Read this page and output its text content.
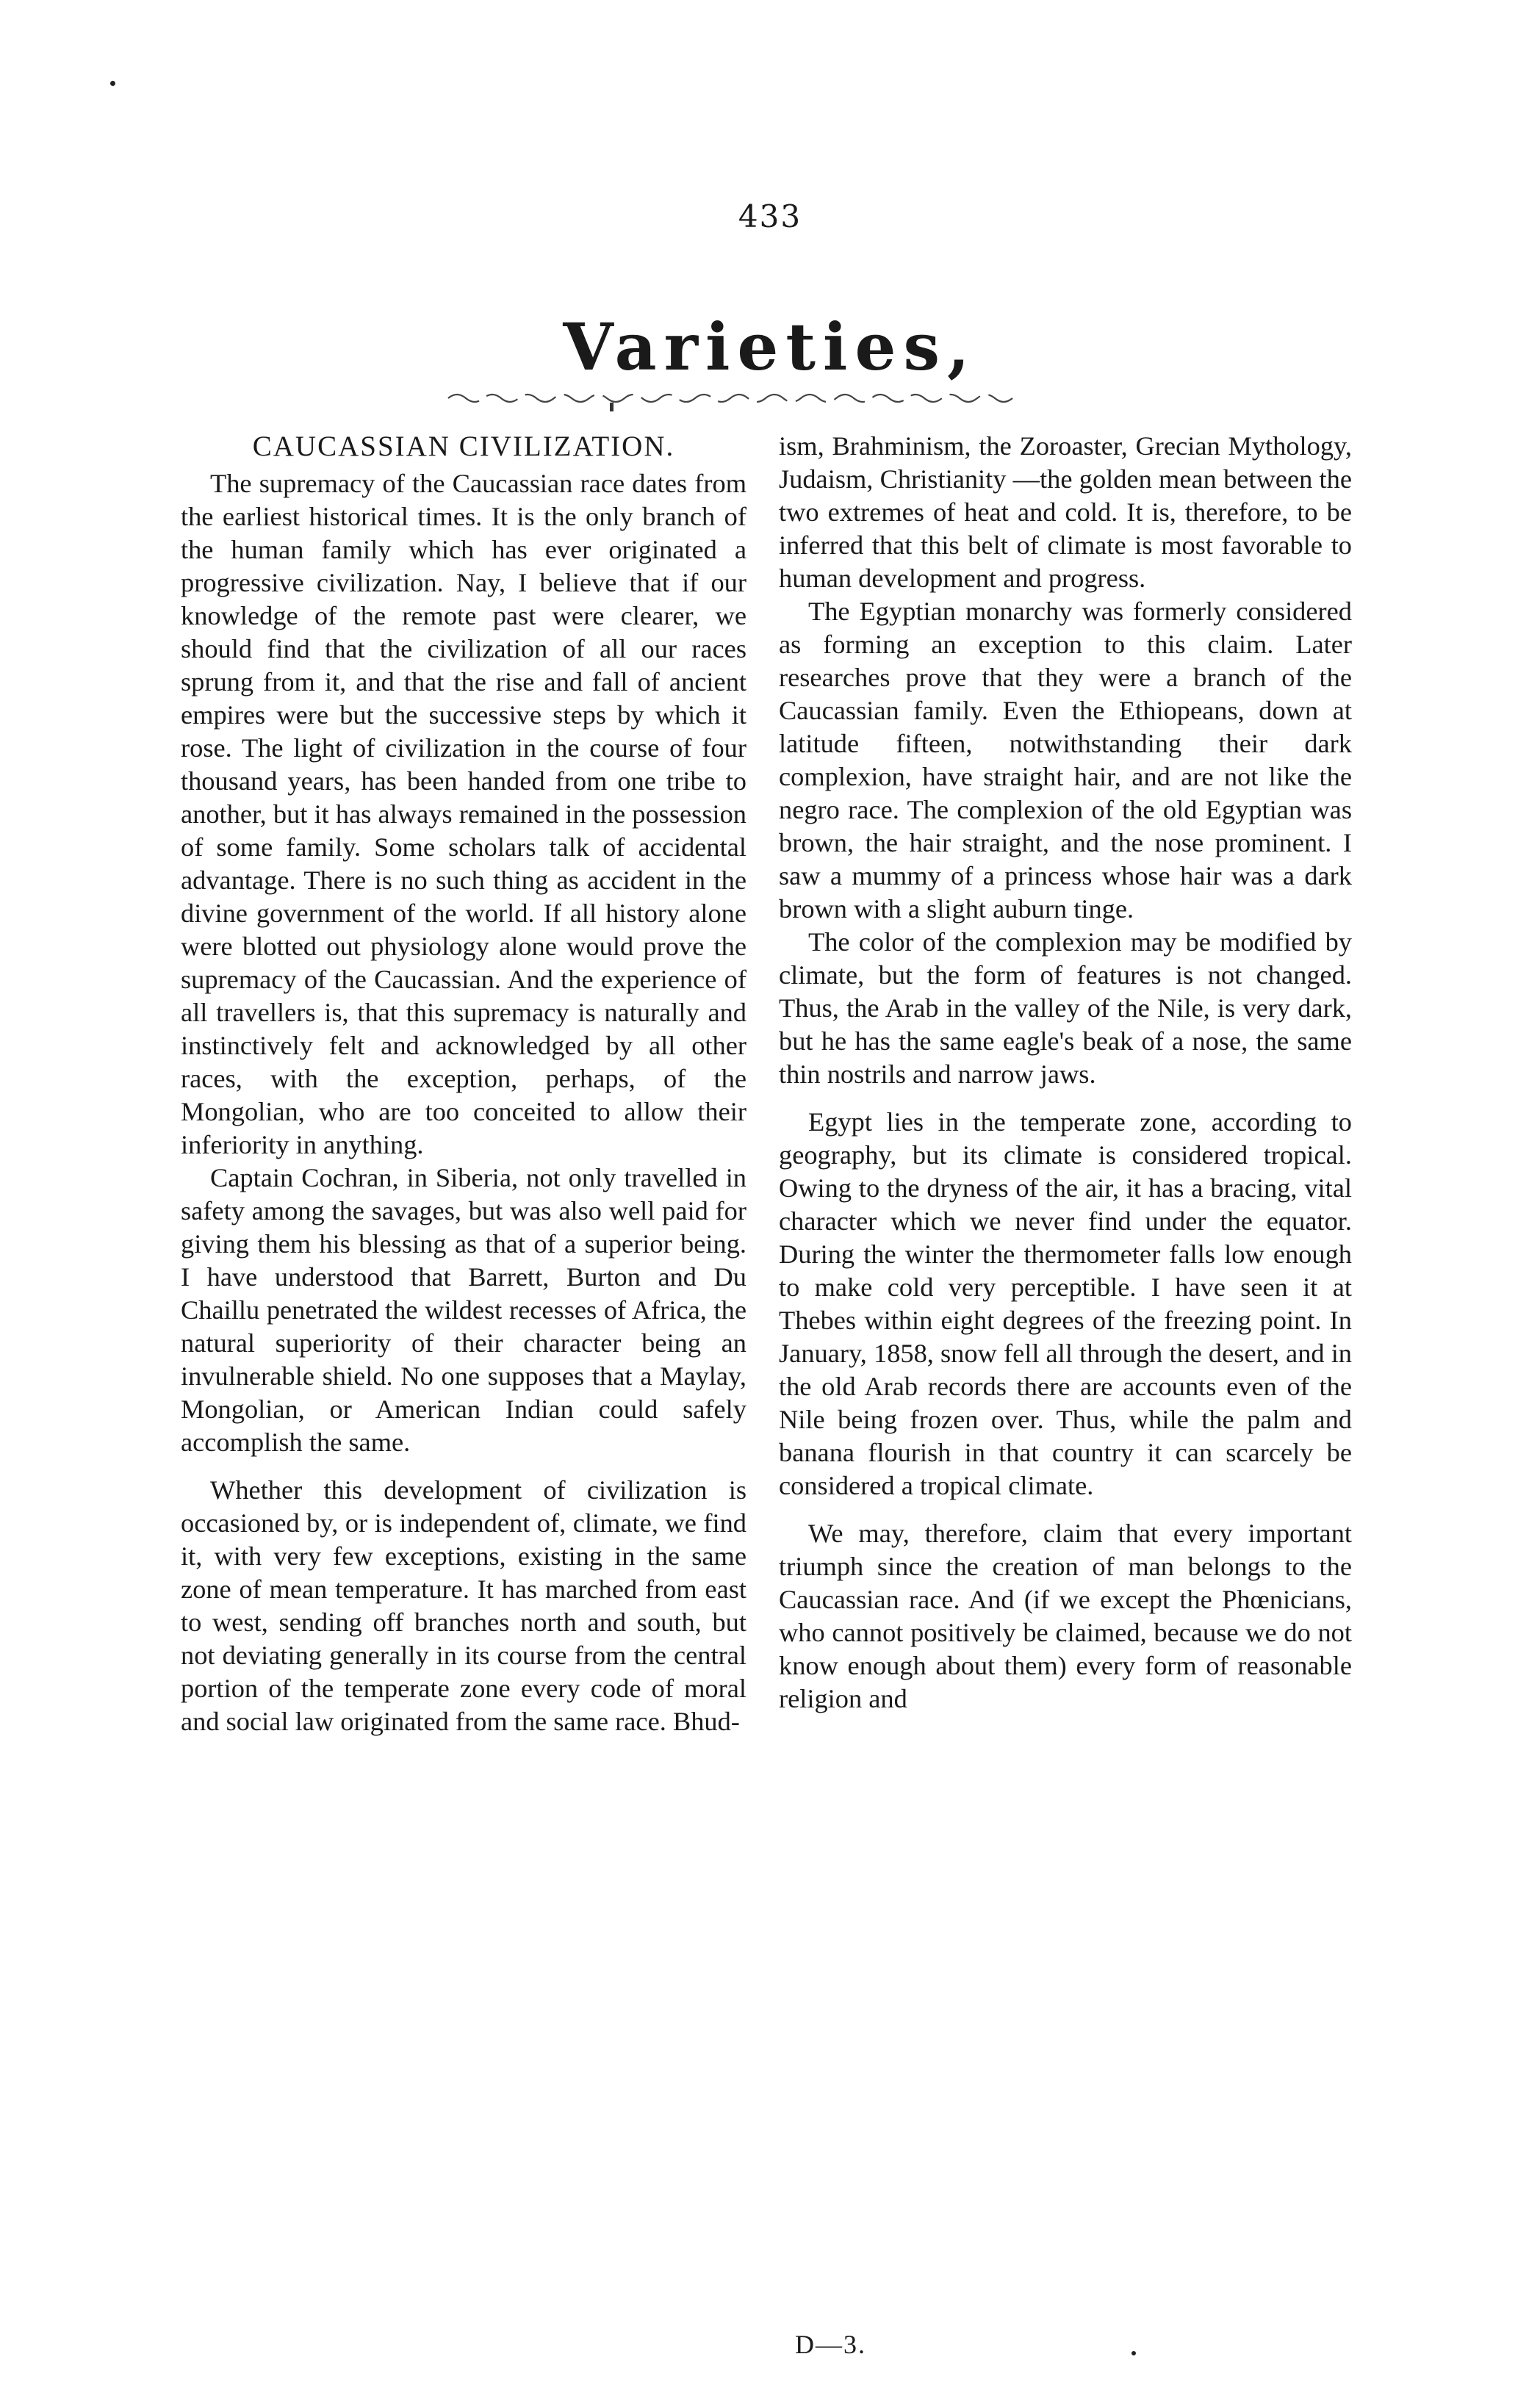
433
Varieties,
CAUCASSIAN CIVILIZATION.

The supremacy of the Caucassian race dates from the earliest historical times. It is the only branch of the human family which has ever originated a progressive civilization. Nay, I believe that if our knowledge of the remote past were clearer, we should find that the civilization of all our races sprung from it, and that the rise and fall of ancient empires were but the successive steps by which it rose. The light of civilization in the course of four thousand years, has been handed from one tribe to another, but it has always remained in the possession of some family. Some scholars talk of accidental advantage. There is no such thing as accident in the divine government of the world. If all history alone were blotted out physiology alone would prove the supremacy of the Caucassian. And the experience of all travellers is, that this supremacy is naturally and instinctively felt and acknowledged by all other races, with the exception, perhaps, of the Mongolian, who are too conceited to allow their inferiority in anything.

Captain Cochran, in Siberia, not only travelled in safety among the savages, but was also well paid for giving them his blessing as that of a superior being. I have understood that Barrett, Burton and Du Chaillu penetrated the wildest recesses of Africa, the natural superiority of their character being an invulnerable shield. No one supposes that a Maylay, Mongolian, or American Indian could safely accomplish the same.

Whether this development of civilization is occasioned by, or is independent of, climate, we find it, with very few exceptions, existing in the same zone of mean temperature. It has marched from east to west, sending off branches north and south, but not deviating generally in its course from the central portion of the temperate zone every code of moral and social law originated from the same race. Bhud-

ism, Brahminism, the Zoroaster, Grecian Mythology, Judaism, Christianity —the golden mean between the two extremes of heat and cold. It is, therefore, to be inferred that this belt of climate is most favorable to human development and progress.

The Egyptian monarchy was formerly considered as forming an exception to this claim. Later researches prove that they were a branch of the Caucassian family. Even the Ethiopeans, down at latitude fifteen, notwithstanding their dark complexion, have straight hair, and are not like the negro race. The complexion of the old Egyptian was brown, the hair straight, and the nose prominent. I saw a mummy of a princess whose hair was a dark brown with a slight auburn tinge.

The color of the complexion may be modified by climate, but the form of features is not changed. Thus, the Arab in the valley of the Nile, is very dark, but he has the same eagle's beak of a nose, the same thin nostrils and narrow jaws.

Egypt lies in the temperate zone, according to geography, but its climate is considered tropical. Owing to the dryness of the air, it has a bracing, vital character which we never find under the equator. During the winter the thermometer falls low enough to make cold very perceptible. I have seen it at Thebes within eight degrees of the freezing point. In January, 1858, snow fell all through the desert, and in the old Arab records there are accounts even of the Nile being frozen over. Thus, while the palm and banana flourish in that country it can scarcely be considered a tropical climate.

We may, therefore, claim that every important triumph since the creation of man belongs to the Caucassian race. And (if we except the Phœnicians, who cannot positively be claimed, because we do not know enough about them) every form of reasonable religion and

D—3.
